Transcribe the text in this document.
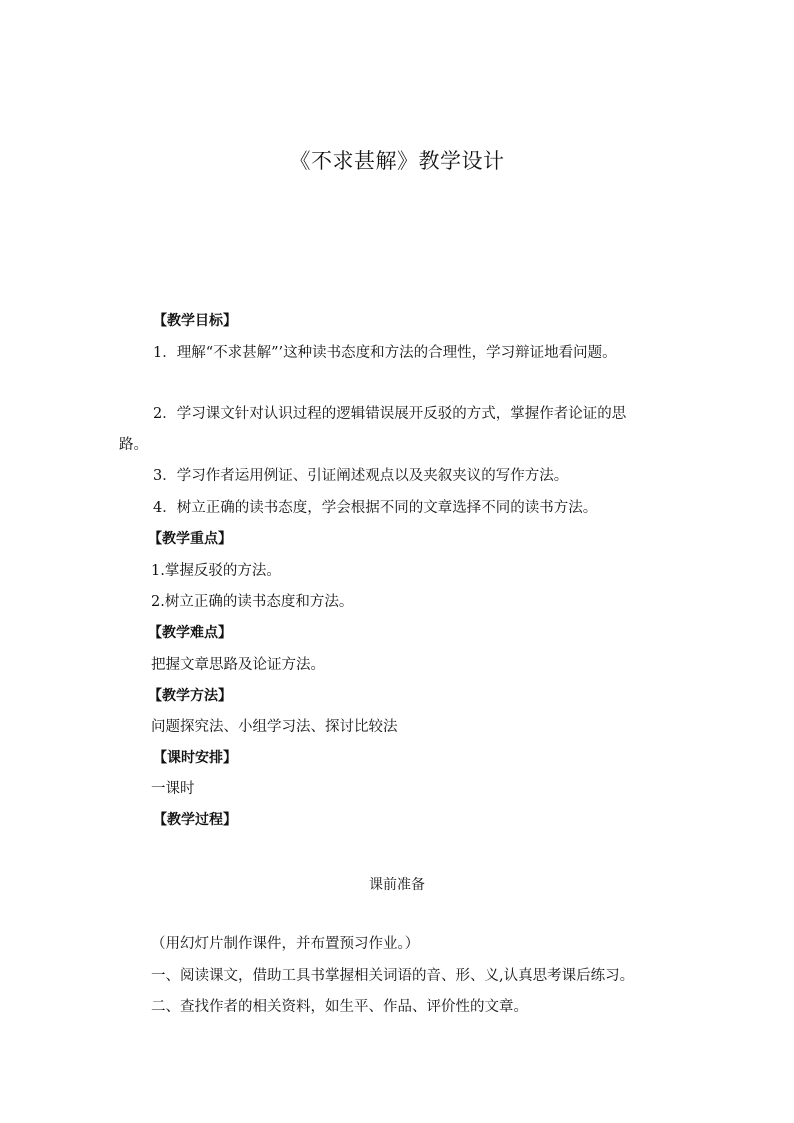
《不求甚解》教学设计
【教学目标】
1．理解“不求甚解”’这种读书态度和方法的合理性，学习辩证地看问题。
2．学习课文针对认识过程的逻辑错误展开反驳的方式，掌握作者论证的思
路。
3．学习作者运用例证、引证阐述观点以及夹叙夹议的写作方法。
4．树立正确的读书态度，学会根据不同的文章选择不同的读书方法。
【教学重点】
1.掌握反驳的方法。
2.树立正确的读书态度和方法。
【教学难点】
把握文章思路及论证方法。
【教学方法】
问题探究法、小组学习法、探讨比较法
【课时安排】
一课时
【教学过程】
课前准备
（用幻灯片制作课件，并布置预习作业。）
一、阅读课文，借助工具书掌握相关词语的音、形、义,认真思考课后练习。
二、查找作者的相关资料，如生平、作品、评价性的文章。
